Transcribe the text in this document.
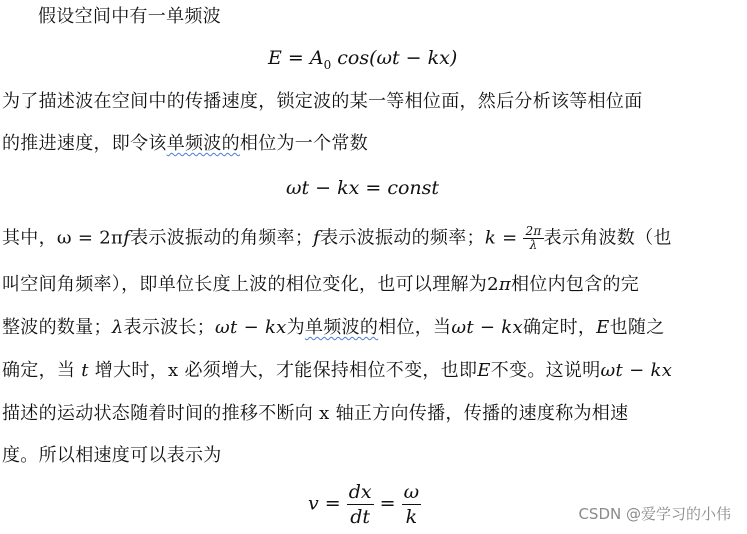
假设空间中有一单频波
$E = A_0$ cos(ωt − kx)
为了描述波在空间中的传播速度，锁定波的某一等相位面，然后分析该等相位面
的推进速度，即令该单频波的相位为一个常数
ωt − kx = const
其中，ω = 2πf表示波振动的角频率；f表示波振动的频率；$k = \frac{2\pi}{\lambda}$ 表示角波数（也
叫空间角频率），即单位长度上波的相位变化，也可以理解为2π相位内包含的完
整波的数量；λ表示波长；ωt − kx为单频波的相位，当ωt − kx确定时，E也随之
确定，当 t 增大时，x 必须增大，才能保持相位不变，也即E不变。这说明ωt − kx
描述的运动状态随着时间的推移不断向 x 轴正方向传播，传播的速度称为相速
度。所以相速度可以表示为
$v = \frac{dx}{dt} = \frac{\omega}{k}$	CSDN @爱学习的小伟
